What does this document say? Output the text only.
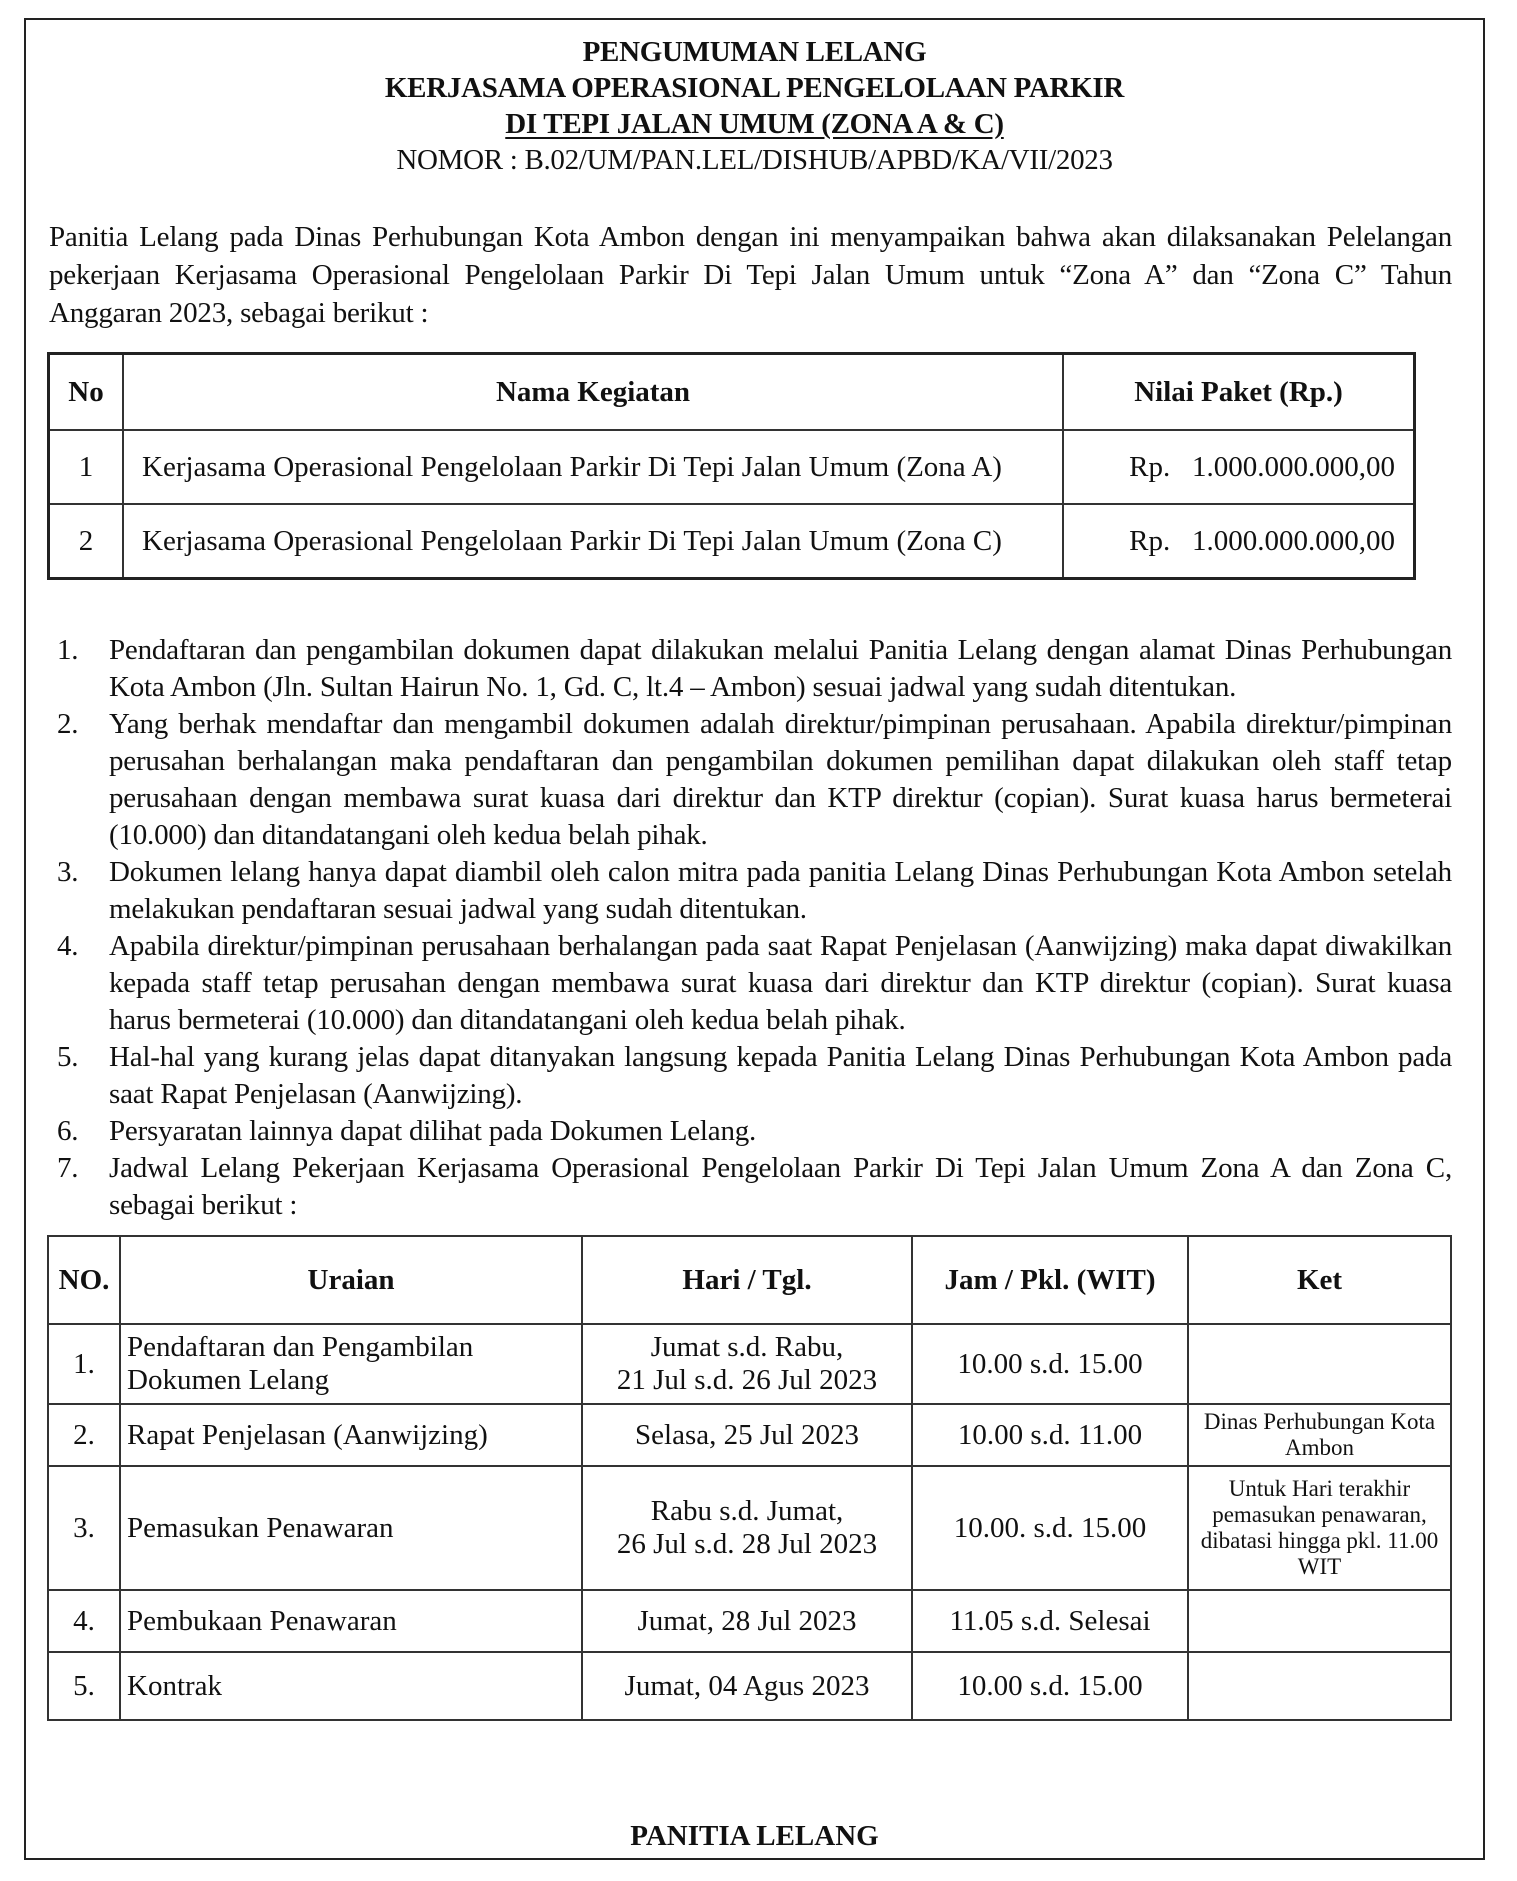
PENGUMUMAN LELANG
KERJASAMA OPERASIONAL PENGELOLAAN PARKIR
DI TEPI JALAN UMUM (ZONA A & C)
NOMOR : B.02/UM/PAN.LEL/DISHUB/APBD/KA/VII/2023
Panitia Lelang pada Dinas Perhubungan Kota Ambon dengan ini menyampaikan bahwa akan dilaksanakan Pelelangan pekerjaan Kerjasama Operasional Pengelolaan Parkir Di Tepi Jalan Umum untuk “Zona A” dan “Zona C” Tahun Anggaran 2023, sebagai berikut :
No	Nama Kegiatan	Nilai Paket (Rp.)
1	Kerjasama Operasional Pengelolaan Parkir Di Tepi Jalan Umum (Zona A)	Rp.   1.000.000.000,00
2	Kerjasama Operasional Pengelolaan Parkir Di Tepi Jalan Umum (Zona C)	Rp.   1.000.000.000,00
1. Pendaftaran dan pengambilan dokumen dapat dilakukan melalui Panitia Lelang dengan alamat Dinas Perhubungan Kota Ambon (Jln. Sultan Hairun No. 1, Gd. C, lt.4 – Ambon) sesuai jadwal yang sudah ditentukan.
2. Yang berhak mendaftar dan mengambil dokumen adalah direktur/pimpinan perusahaan. Apabila direktur/pimpinan perusahan berhalangan maka pendaftaran dan pengambilan dokumen pemilihan dapat dilakukan oleh staff tetap perusahaan dengan membawa surat kuasa dari direktur dan KTP direktur (copian). Surat kuasa harus bermeterai (10.000) dan ditandatangani oleh kedua belah pihak.
3. Dokumen lelang hanya dapat diambil oleh calon mitra pada panitia Lelang Dinas Perhubungan Kota Ambon setelah melakukan pendaftaran sesuai jadwal yang sudah ditentukan.
4. Apabila direktur/pimpinan perusahaan berhalangan pada saat Rapat Penjelasan (Aanwijzing) maka dapat diwakilkan kepada staff tetap perusahan dengan membawa surat kuasa dari direktur dan KTP direktur (copian). Surat kuasa harus bermeterai (10.000) dan ditandatangani oleh kedua belah pihak.
5. Hal-hal yang kurang jelas dapat ditanyakan langsung kepada Panitia Lelang Dinas Perhubungan Kota Ambon pada saat Rapat Penjelasan (Aanwijzing).
6. Persyaratan lainnya dapat dilihat pada Dokumen Lelang.
7. Jadwal Lelang Pekerjaan Kerjasama Operasional Pengelolaan Parkir Di Tepi Jalan Umum Zona A dan Zona C, sebagai berikut :
NO.	Uraian	Hari / Tgl.	Jam / Pkl. (WIT)	Ket
1.	Pendaftaran dan Pengambilan Dokumen Lelang	Jumat s.d. Rabu,
21 Jul s.d. 26 Jul 2023	10.00 s.d. 15.00	
2.	Rapat Penjelasan (Aanwijzing)	Selasa, 25 Jul 2023	10.00 s.d. 11.00	Dinas Perhubungan Kota Ambon
3.	Pemasukan Penawaran	Rabu s.d. Jumat,
26 Jul s.d. 28 Jul 2023	10.00. s.d. 15.00	Untuk Hari terakhir pemasukan penawaran, dibatasi hingga pkl. 11.00 WIT
4.	Pembukaan Penawaran	Jumat, 28 Jul 2023	11.05 s.d. Selesai	
5.	Kontrak	Jumat, 04 Agus 2023	10.00 s.d. 15.00	
PANITIA LELANG
